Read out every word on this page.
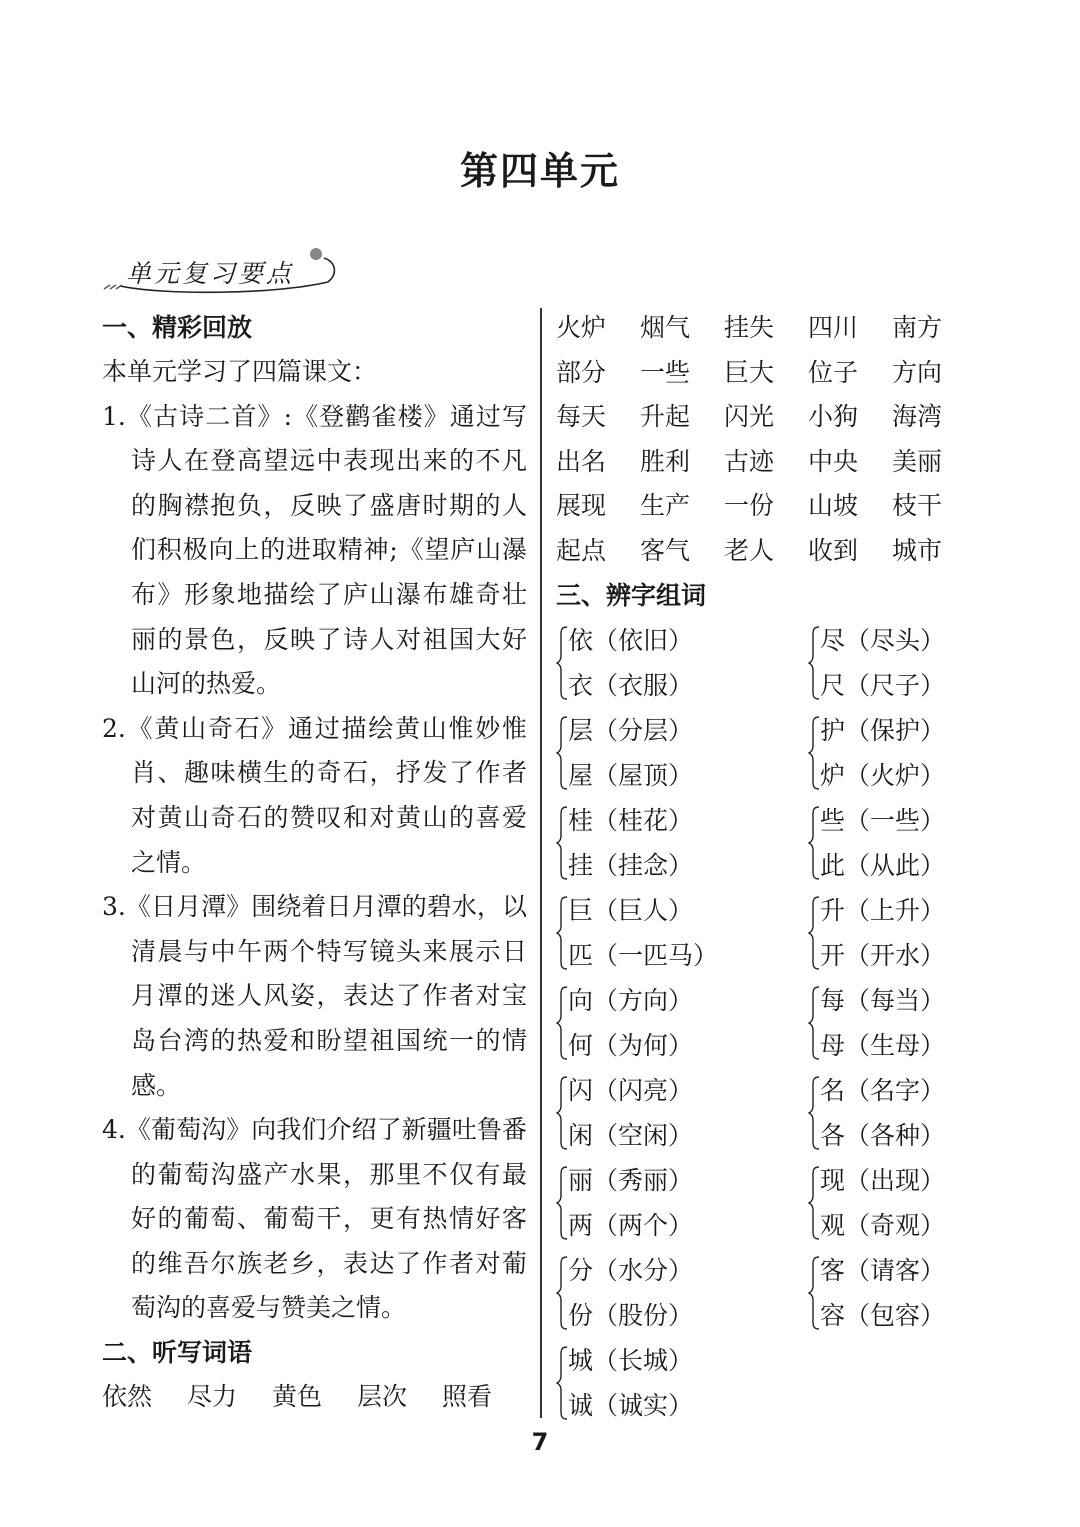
第四单元
单元复习要点
一、精彩回放
本单元学习了四篇课文：
1.《古诗二首》:《登鹳雀楼》通过写诗人在登高望远中表现出来的不凡的胸襟抱负，反映了盛唐时期的人们积极向上的进取精神;《望庐山瀑布》形象地描绘了庐山瀑布雄奇壮丽的景色，反映了诗人对祖国大好山河的热爱。
2.《黄山奇石》通过描绘黄山惟妙惟肖、趣味横生的奇石，抒发了作者对黄山奇石的赞叹和对黄山的喜爱之情。
3.《日月潭》围绕着日月潭的碧水，以清晨与中午两个特写镜头来展示日月潭的迷人风姿，表达了作者对宝岛台湾的热爱和盼望祖国统一的情感。
4.《葡萄沟》向我们介绍了新疆吐鲁番的葡萄沟盛产水果，那里不仅有最好的葡萄、葡萄干，更有热情好客的维吾尔族老乡，表达了作者对葡萄沟的喜爱与赞美之情。
二、听写词语
依然	尽力	黄色	层次	照看
火炉	烟气	挂失	四川	南方
部分	一些	巨大	位子	方向
每天	升起	闪光	小狗	海湾
出名	胜利	古迹	中央	美丽
展现	生产	一份	山坡	枝干
起点	客气	老人	收到	城市
三、辨字组词
依（依旧）
衣（衣服）
尽（尽头）
尺（尺子）
层（分层）
屋（屋顶）
护（保护）
炉（火炉）
桂（桂花）
挂（挂念）
些（一些）
此（从此）
巨（巨人）
匹（一匹马）
升（上升）
开（开水）
向（方向）
何（为何）
每（每当）
母（生母）
闪（闪亮）
闲（空闲）
名（名字）
各（各种）
丽（秀丽）
两（两个）
现（出现）
观（奇观）
分（水分）
份（股份）
客（请客）
容（包容）
城（长城）
诚（诚实）
7
